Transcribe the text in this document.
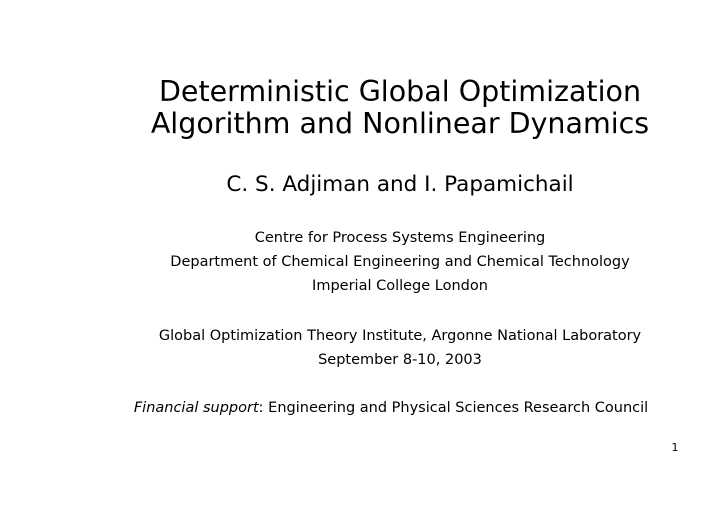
Deterministic Global Optimization
Algorithm and Nonlinear Dynamics
C. S. Adjiman and I. Papamichail
Centre for Process Systems Engineering
Department of Chemical Engineering and Chemical Technology
Imperial College London
Global Optimization Theory Institute, Argonne National Laboratory
September 8-10, 2003
Financial support: Engineering and Physical Sciences Research Council
1
